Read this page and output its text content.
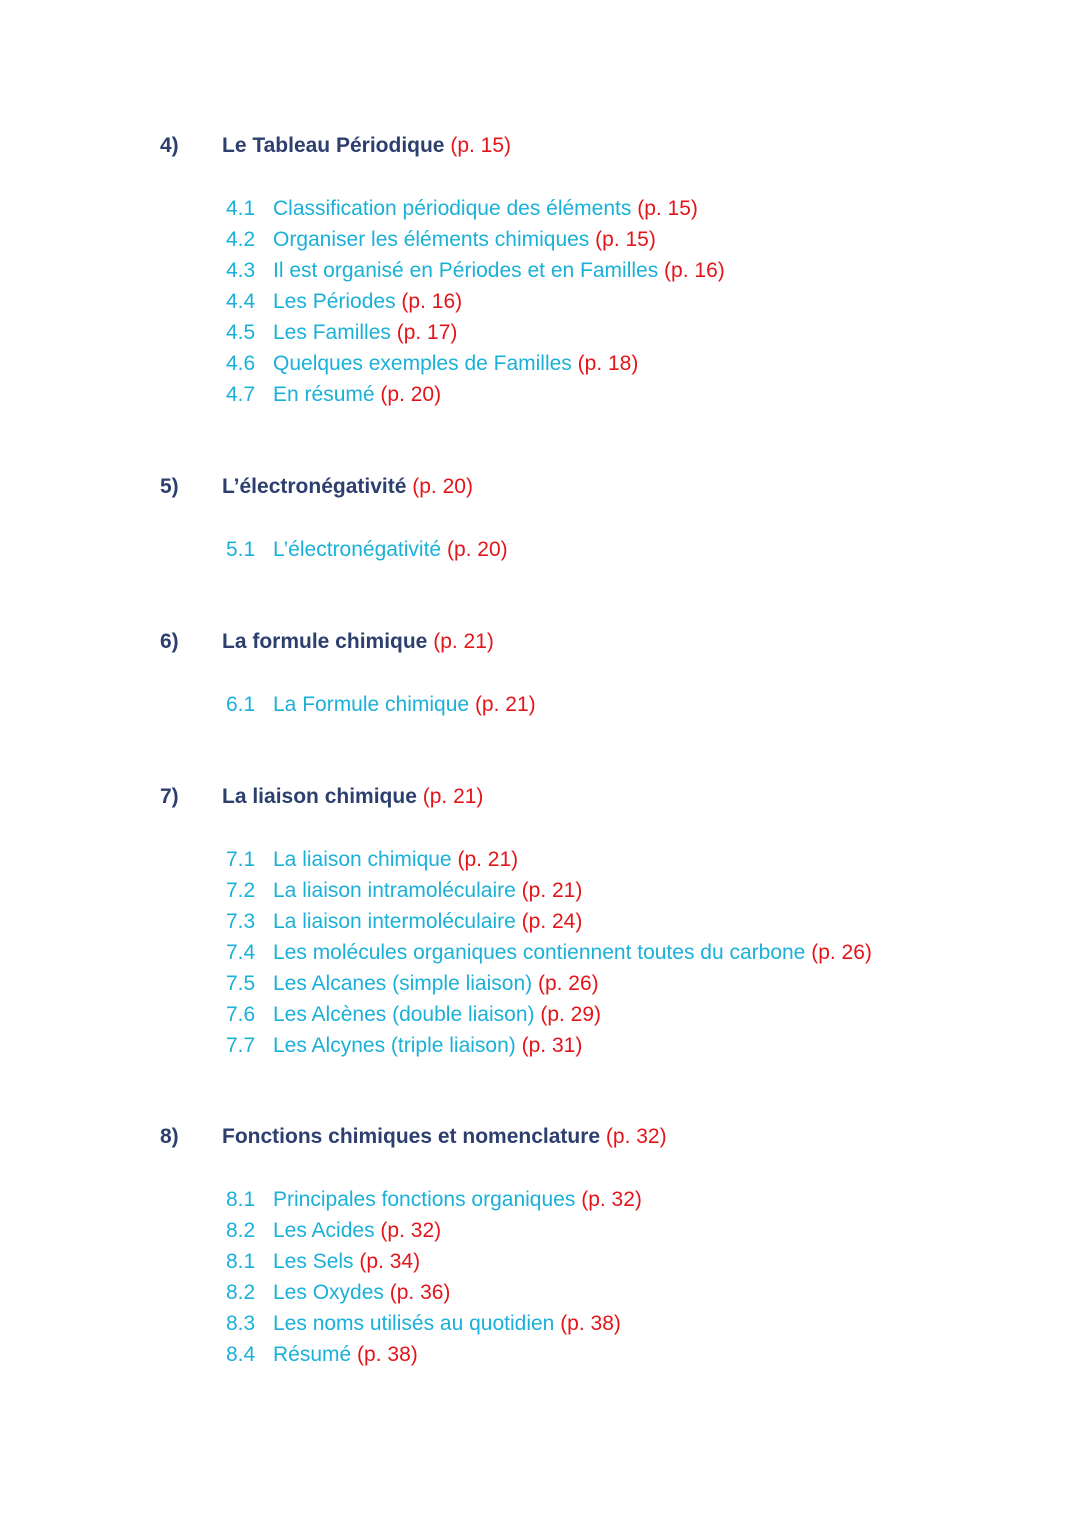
4) Le Tableau Périodique (p. 15)
4.1 Classification périodique des éléments (p. 15)
4.2 Organiser les éléments chimiques (p. 15)
4.3 Il est organisé en Périodes et en Familles (p. 16)
4.4 Les Périodes (p. 16)
4.5 Les Familles (p. 17)
4.6 Quelques exemples de Familles (p. 18)
4.7 En résumé (p. 20)
5) L’électronégativité (p. 20)
5.1 L’électronégativité (p. 20)
6) La formule chimique (p. 21)
6.1 La Formule chimique (p. 21)
7) La liaison chimique (p. 21)
7.1 La liaison chimique (p. 21)
7.2 La liaison intramoléculaire (p. 21)
7.3 La liaison intermoléculaire (p. 24)
7.4 Les molécules organiques contiennent toutes du carbone (p. 26)
7.5 Les Alcanes (simple liaison) (p. 26)
7.6 Les Alcènes (double liaison) (p. 29)
7.7 Les Alcynes (triple liaison) (p. 31)
8) Fonctions chimiques et nomenclature (p. 32)
8.1 Principales fonctions organiques (p. 32)
8.2 Les Acides (p. 32)
8.1 Les Sels (p. 34)
8.2 Les Oxydes (p. 36)
8.3 Les noms utilisés au quotidien (p. 38)
8.4 Résumé (p. 38)
